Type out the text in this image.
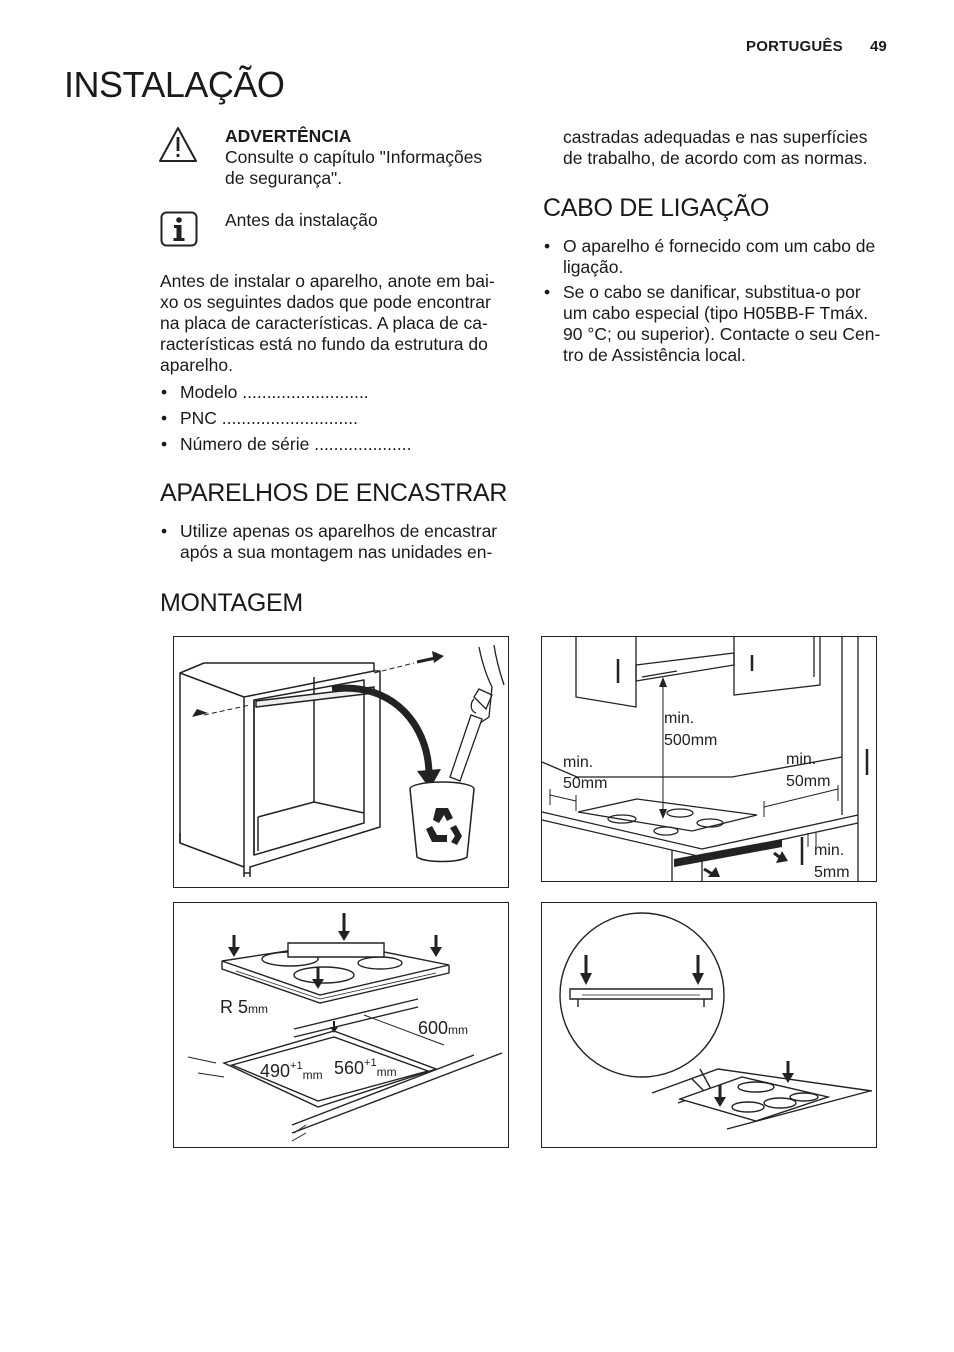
PORTUGUÊS 49
INSTALAÇÃO
ADVERTÊNCIA
Consulte o capítulo "Informações
de segurança".
Antes da instalação
Antes de instalar o aparelho, anote em bai-
xo os seguintes dados que pode encontrar
na placa de características. A placa de ca-
racterísticas está no fundo da estrutura do
aparelho.
• Modelo ..........................
• PNC ............................
• Número de série ....................
APARELHOS DE ENCASTRAR
• Utilize apenas os aparelhos de encastrar
após a sua montagem nas unidades en-
castradas adequadas e nas superfícies
de trabalho, de acordo com as normas.
CABO DE LIGAÇÃO
• O aparelho é fornecido com um cabo de
ligação.
• Se o cabo se danificar, substitua-o por
um cabo especial (tipo H05BB-F Tmáx.
90 °C; ou superior). Contacte o seu Cen-
tro de Assistência local.
MONTAGEM
min.
500mm
min.
50mm
min.
50mm
min.
5mm
R 5mm
600mm
$490^{+1}_{mm}$ $560^{+1}_{mm}$
